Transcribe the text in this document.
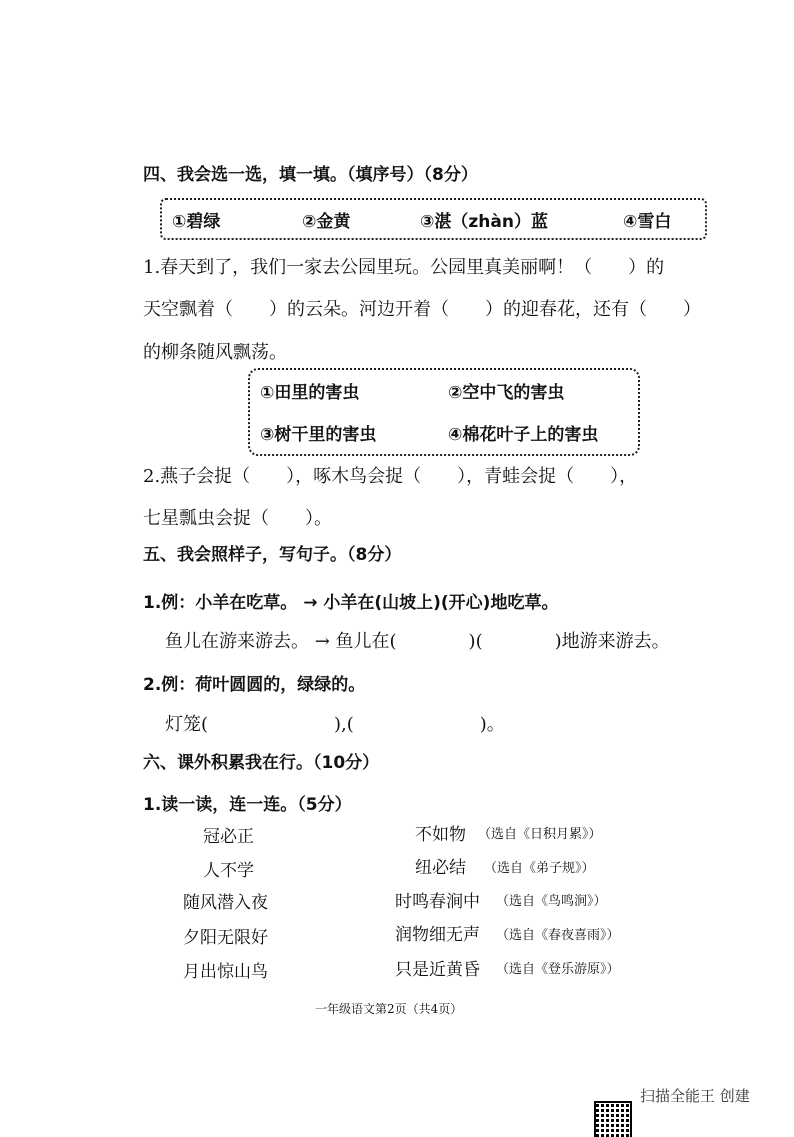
四、我会选一选，填一填。（填序号）（8分）
①碧绿	②金黄	③湛（zhàn）蓝	④雪白
1.春天到了，我们一家去公园里玩。公园里真美丽啊！（　　）的
天空飘着（　　）的云朵。河边开着（　　）的迎春花，还有（　　）
的柳条随风飘荡。
①田里的害虫	②空中飞的害虫
③树干里的害虫	④棉花叶子上的害虫
2.燕子会捉（　　），啄木鸟会捉（　　），青蛙会捉（　　），
七星瓢虫会捉（　　）。
五、我会照样子，写句子。（8分）
1.例：小羊在吃草。 → 小羊在(山坡上)(开心)地吃草。
鱼儿在游来游去。 → 鱼儿在(　　　　)(　　　　)地游来游去。
2.例：荷叶圆圆的，绿绿的。
灯笼(　　　　　　　),(　　　　　　　)。
六、课外积累我在行。（10分）
1.读一读，连一连。（5分）
冠必正	不如物 （选自《日积月累》）
人不学	纽必结 （选自《弟子规》）
随风潜入夜	时鸣春涧中 （选自《鸟鸣涧》）
夕阳无限好	润物细无声 （选自《春夜喜雨》）
月出惊山鸟	只是近黄昏 （选自《登乐游原》）
一年级语文第2页（共4页）
扫描全能王 创建
